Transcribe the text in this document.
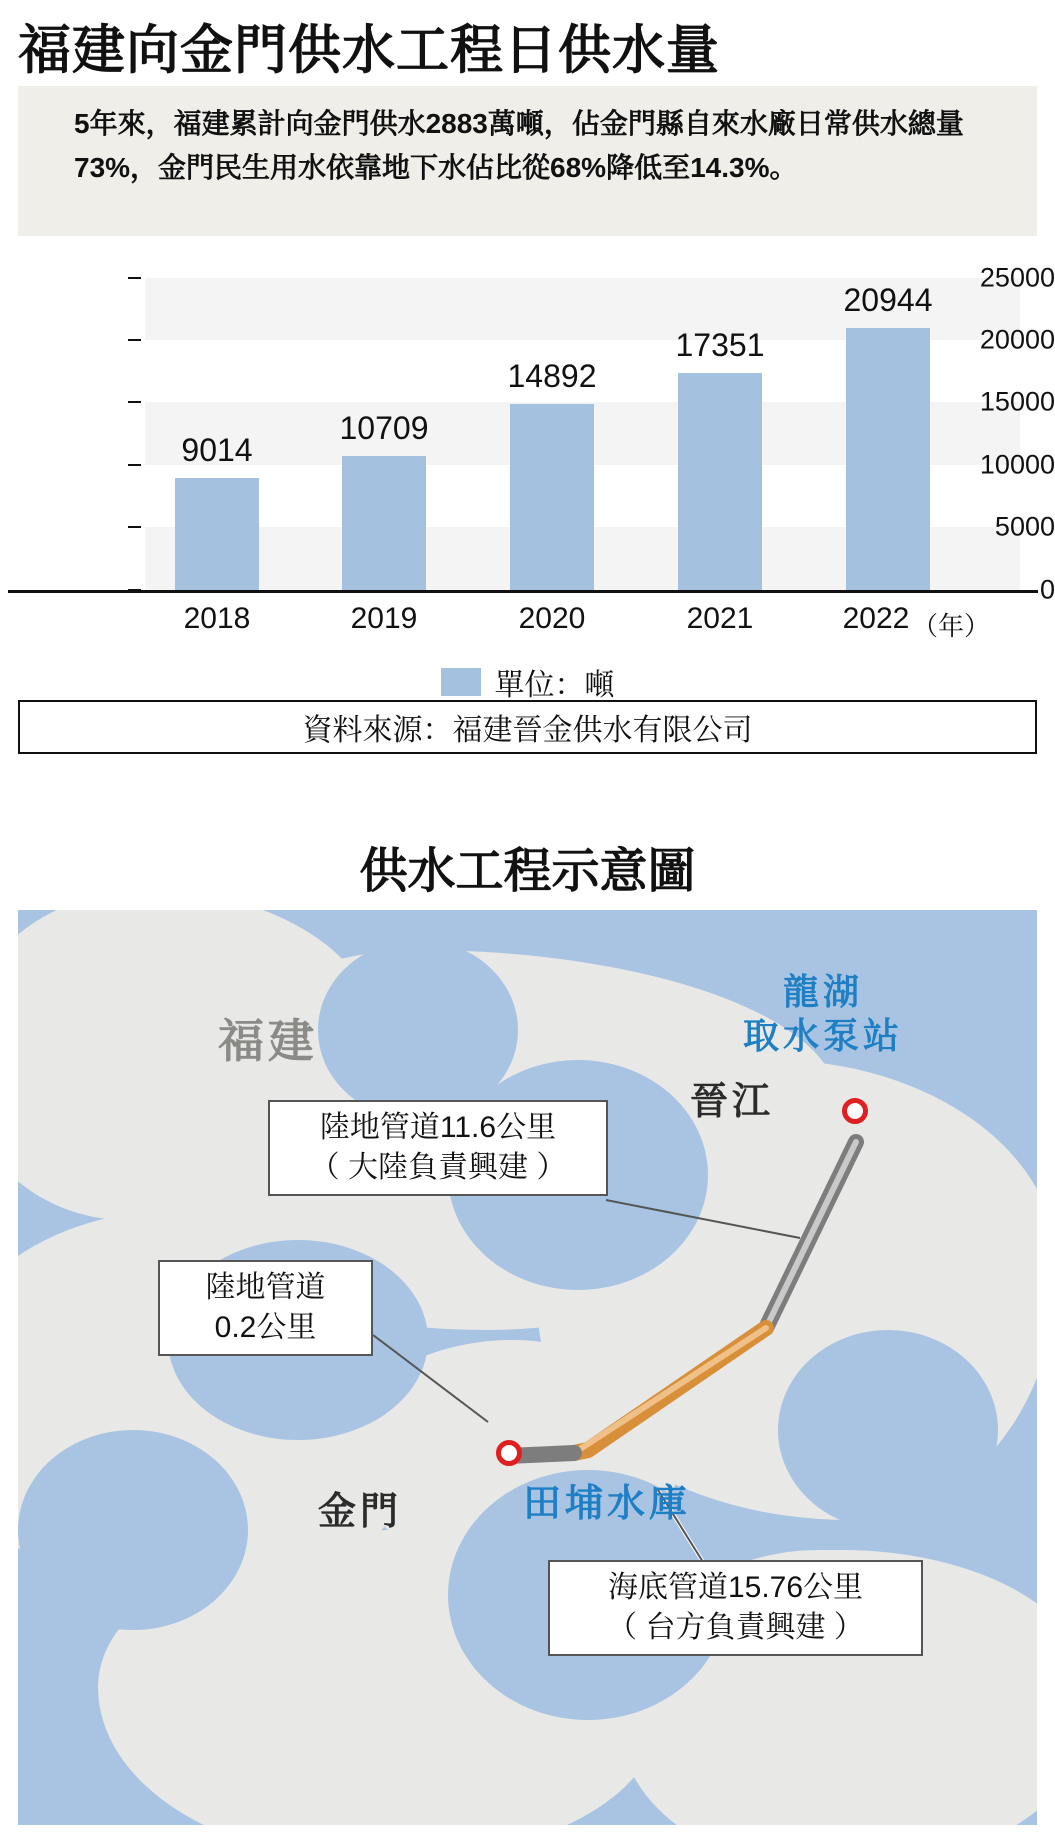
福建向金門供水工程日供水量
5年來，福建累計向金門供水2883萬噸，佔金門縣自來水廠日常供水總量73%，金門民生用水依靠地下水佔比從68%降低至14.3%。
25000
20000
15000
10000
5000
0
9014
10709
14892
17351
20944
2018	2019	2020	2021	2022 （年）
單位：噸
資料來源：福建晉金供水有限公司
供水工程示意圖
福建
晉江
金門
龍湖
取水泵站
田埔水庫
陸地管道11.6公里
（ 大陸負責興建 ）
陸地管道
0.2公里
海底管道15.76公里
（ 台方負責興建 ）
